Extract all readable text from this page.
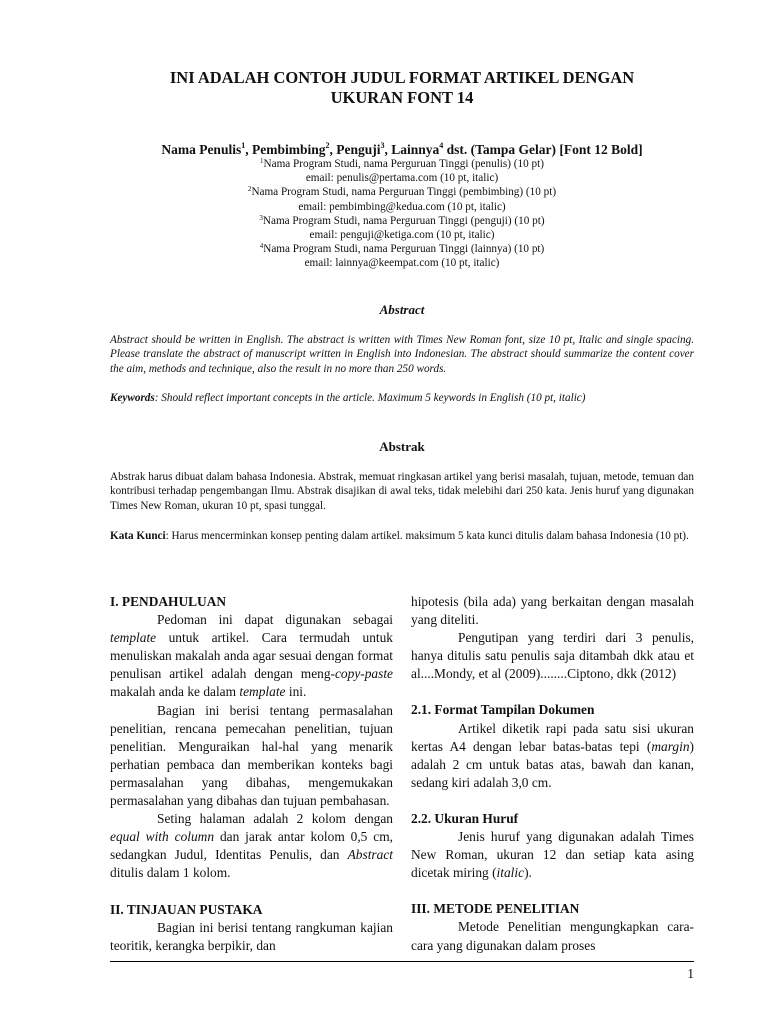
INI ADALAH CONTOH JUDUL FORMAT ARTIKEL DENGAN
UKURAN FONT 14

Nama Penulis$^1$, Pembimbing$^2$, Penguji$^3$, Lainnya$^4$ dst. (Tampa Gelar) [Font 12 Bold]

$^1$Nama Program Studi, nama Perguruan Tinggi (penulis) (10 pt)
email: penulis@pertama.com (10 pt, italic)
$^2$Nama Program Studi, nama Perguruan Tinggi (pembimbing) (10 pt)
email: pembimbing@kedua.com (10 pt, italic)
$^3$Nama Program Studi, nama Perguruan Tinggi (penguji) (10 pt)
email: penguji@ketiga.com (10 pt, italic)
$^4$Nama Program Studi, nama Perguruan Tinggi (lainnya) (10 pt)
email: lainnya@keempat.com (10 pt, italic)
Abstract

Abstract should be written in English. The abstract is written with Times New Roman font, size 10 pt, Italic and single spacing. Please translate the abstract of manuscript written in English into Indonesian. The abstract should summarize the content cover the aim, methods and technique, also the result in no more than 250 words.

Keywords: Should reflect important concepts in the article. Maximum 5 keywords in English (10 pt, italic)

Abstrak

Abstrak harus dibuat dalam bahasa Indonesia. Abstrak, memuat ringkasan artikel yang berisi masalah, tujuan, metode, temuan dan kontribusi terhadap pengembangan Ilmu. Abstrak disajikan di awal teks, tidak melebihi dari 250 kata. Jenis huruf yang digunakan Times New Roman, ukuran 10 pt, spasi tunggal.

Kata Kunci: Harus mencerminkan konsep penting dalam artikel. maksimum 5 kata kunci ditulis dalam bahasa Indonesia (10 pt).

I. PENDAHULUAN

Pedoman ini dapat digunakan sebagai template untuk artikel. Cara termudah untuk menuliskan makalah anda agar sesuai dengan format penulisan artikel adalah dengan meng-copy-paste makalah anda ke dalam template ini.

Bagian ini berisi tentang permasalahan penelitian, rencana pemecahan penelitian, tujuan penelitian. Menguraikan hal-hal yang menarik perhatian pembaca dan memberikan konteks bagi permasalahan yang dibahas, mengemukakan permasalahan yang dibahas dan tujuan pembahasan.

Seting halaman adalah 2 kolom dengan equal with column dan jarak antar kolom 0,5 cm, sedangkan Judul, Identitas Penulis, dan Abstract ditulis dalam 1 kolom.

II. TINJAUAN PUSTAKA

Bagian ini berisi tentang rangkuman kajian teoritik, kerangka berpikir, dan

hipotesis (bila ada) yang berkaitan dengan masalah yang diteliti.

Pengutipan yang terdiri dari 3 penulis, hanya ditulis satu penulis saja ditambah dkk atau et al....Mondy, et al (2009)........Ciptono, dkk (2012)

2.1. Format Tampilan Dokumen

Artikel diketik rapi pada satu sisi ukuran kertas A4 dengan lebar batas-batas tepi (margin) adalah 2 cm untuk batas atas, bawah dan kanan, sedang kiri adalah 3,0 cm.

2.2. Ukuran Huruf

Jenis huruf yang digunakan adalah Times New Roman, ukuran 12 dan setiap kata asing dicetak miring (italic).

III. METODE PENELITIAN

Metode Penelitian mengungkapkan cara-cara yang digunakan dalam proses

1
